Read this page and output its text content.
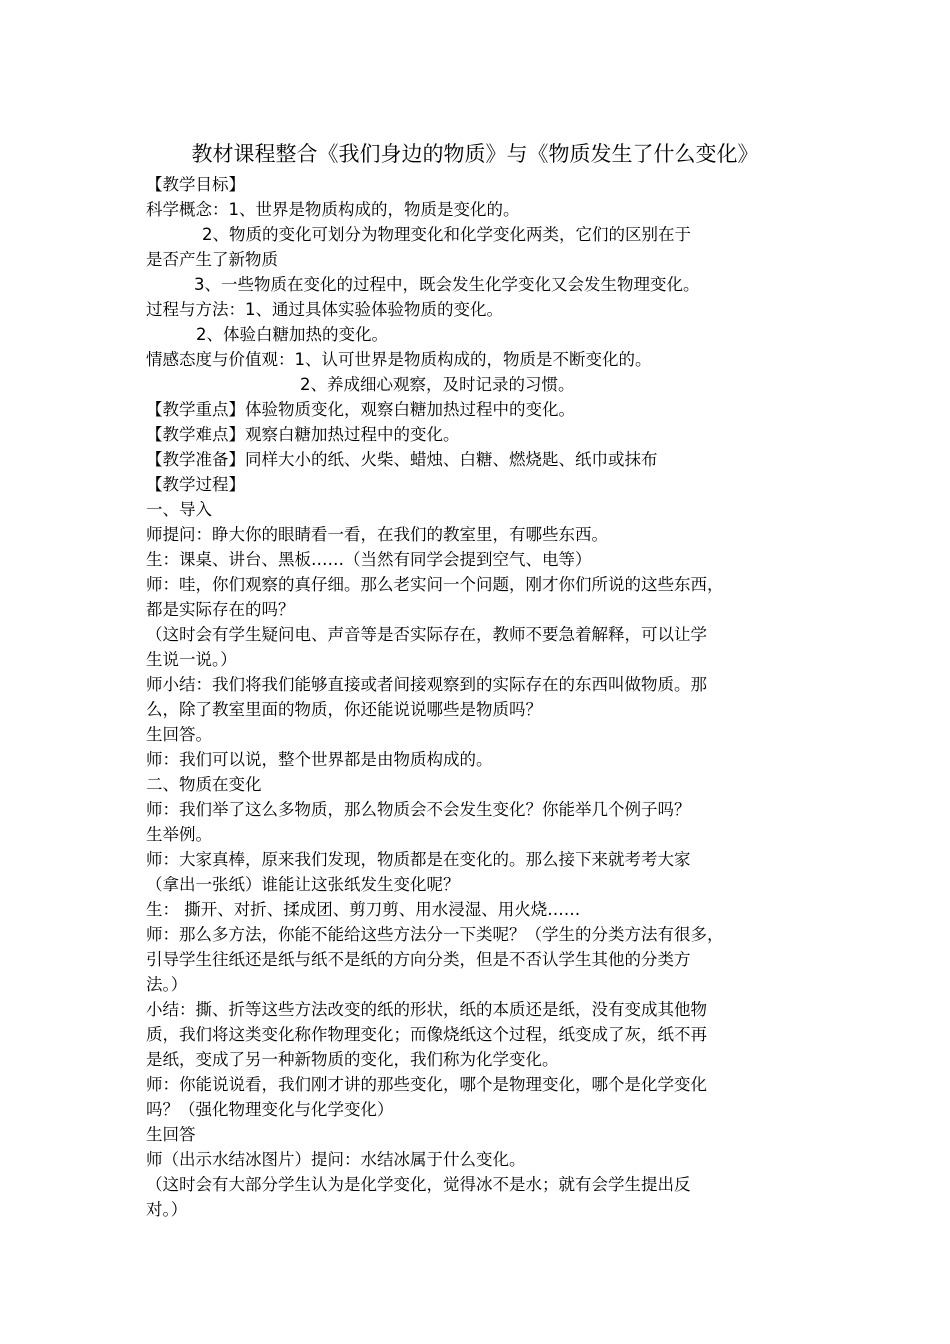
教材课程整合《我们身边的物质》与《物质发生了什么变化》
【教学目标】
科学概念：1、世界是物质构成的，物质是变化的。
2、物质的变化可划分为物理变化和化学变化两类，它们的区别在于
是否产生了新物质
3、一些物质在变化的过程中，既会发生化学变化又会发生物理变化。
过程与方法：1、通过具体实验体验物质的变化。
2、体验白糖加热的变化。
情感态度与价值观：1、认可世界是物质构成的，物质是不断变化的。
2、养成细心观察，及时记录的习惯。
【教学重点】体验物质变化，观察白糖加热过程中的变化。
【教学难点】观察白糖加热过程中的变化。
【教学准备】同样大小的纸、火柴、蜡烛、白糖、燃烧匙、纸巾或抹布
【教学过程】
一、导入
师提问：睁大你的眼睛看一看，在我们的教室里，有哪些东西。
生：课桌、讲台、黑板……（当然有同学会提到空气、电等）
师：哇，你们观察的真仔细。那么老实问一个问题，刚才你们所说的这些东西，
都是实际存在的吗？
（这时会有学生疑问电、声音等是否实际存在，教师不要急着解释，可以让学
生说一说。）
师小结：我们将我们能够直接或者间接观察到的实际存在的东西叫做物质。那
么，除了教室里面的物质，你还能说说哪些是物质吗？
生回答。
师：我们可以说，整个世界都是由物质构成的。
二、物质在变化
师：我们举了这么多物质，那么物质会不会发生变化？你能举几个例子吗？
生举例。
师：大家真棒，原来我们发现，物质都是在变化的。那么接下来就考考大家
（拿出一张纸）谁能让这张纸发生变化呢？
生： 撕开、对折、揉成团、剪刀剪、用水浸湿、用火烧……
师：那么多方法，你能不能给这些方法分一下类呢？（学生的分类方法有很多，
引导学生往纸还是纸与纸不是纸的方向分类，但是不否认学生其他的分类方
法。）
小结：撕、折等这些方法改变的纸的形状，纸的本质还是纸，没有变成其他物
质，我们将这类变化称作物理变化；而像烧纸这个过程，纸变成了灰，纸不再
是纸，变成了另一种新物质的变化，我们称为化学变化。
师：你能说说看，我们刚才讲的那些变化，哪个是物理变化，哪个是化学变化
吗？（强化物理变化与化学变化）
生回答
师（出示水结冰图片）提问：水结冰属于什么变化。
（这时会有大部分学生认为是化学变化，觉得冰不是水；就有会学生提出反
对。）
